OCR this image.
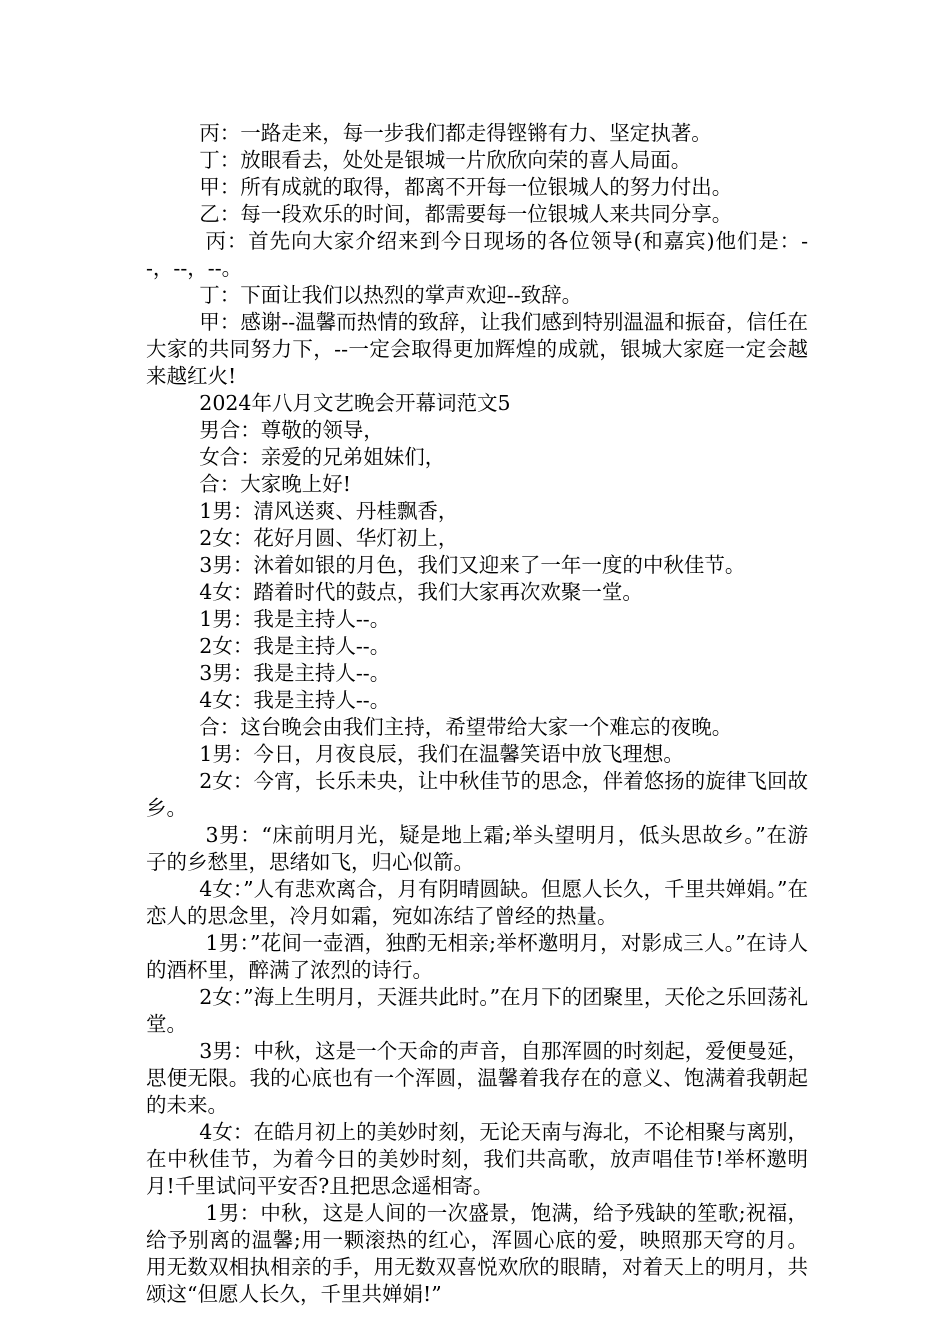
丙：一路走来，每一步我们都走得铿锵有力、坚定执著。

丁：放眼看去，处处是银城一片欣欣向荣的喜人局面。

甲：所有成就的取得，都离不开每一位银城人的努力付出。

乙：每一段欢乐的时间，都需要每一位银城人来共同分享。

丙：首先向大家介绍来到今日现场的各位领导(和嘉宾)他们是：--，--，--。

丁：下面让我们以热烈的掌声欢迎--致辞。

甲：感谢--温馨而热情的致辞，让我们感到特别温温和振奋，信任在大家的共同努力下，--一定会取得更加辉煌的成就，银城大家庭一定会越来越红火!

2024年八月文艺晚会开幕词范文5

男合：尊敬的领导，

女合：亲爱的兄弟姐妹们，

合：大家晚上好!

1男：清风送爽、丹桂飘香，

2女：花好月圆、华灯初上，

3男：沐着如银的月色，我们又迎来了一年一度的中秋佳节。

4女：踏着时代的鼓点，我们大家再次欢聚一堂。

1男：我是主持人--。

2女：我是主持人--。

3男：我是主持人--。

4女：我是主持人--。

合：这台晚会由我们主持，希望带给大家一个难忘的夜晚。

1男：今日，月夜良辰，我们在温馨笑语中放飞理想。

2女：今宵，长乐未央，让中秋佳节的思念，伴着悠扬的旋律飞回故乡。

3男：“床前明月光，疑是地上霜;举头望明月，低头思故乡。”在游子的乡愁里，思绪如飞，归心似箭。

4女：”人有悲欢离合，月有阴晴圆缺。但愿人长久，千里共婵娟。”在恋人的思念里，冷月如霜，宛如冻结了曾经的热量。

1男：”花间一壶酒，独酌无相亲;举杯邀明月，对影成三人。”在诗人的酒杯里，醉满了浓烈的诗行。

2女：”海上生明月，天涯共此时。”在月下的团聚里，天伦之乐回荡礼堂。

3男：中秋，这是一个天命的声音，自那浑圆的时刻起，爱便曼延，思便无限。我的心底也有一个浑圆，温馨着我存在的意义、饱满着我朝起的未来。

4女：在皓月初上的美妙时刻，无论天南与海北，不论相聚与离别，在中秋佳节，为着今日的美妙时刻，我们共高歌，放声唱佳节!举杯邀明月!千里试问平安否?且把思念遥相寄。

1男：中秋，这是人间的一次盛景，饱满，给予残缺的笙歌;祝福，给予别离的温馨;用一颗滚热的红心，浑圆心底的爱，映照那天穹的月。用无数双相执相亲的手，用无数双喜悦欢欣的眼睛，对着天上的明月，共颂这“但愿人长久，千里共婵娟!”
